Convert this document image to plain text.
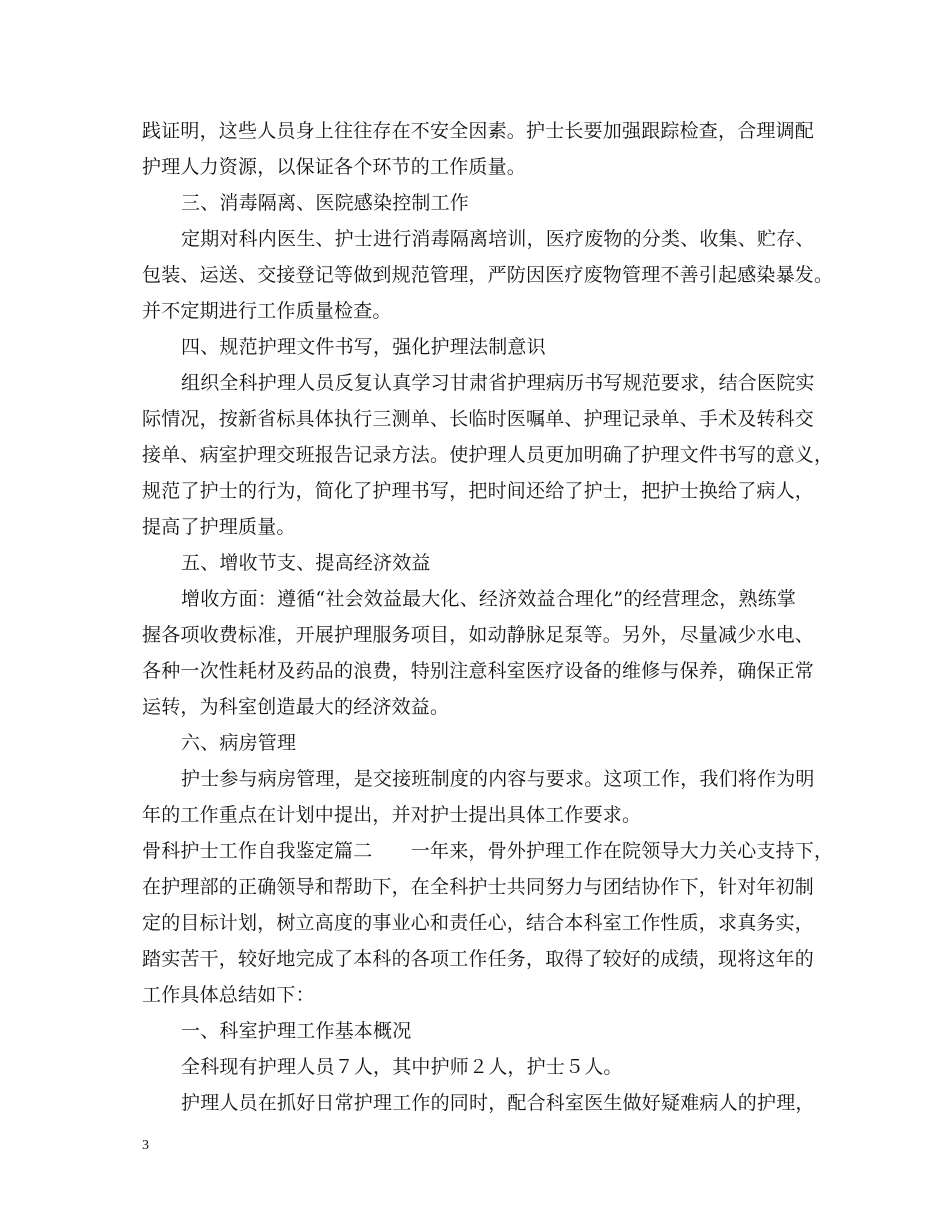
践证明，这些人员身上往往存在不安全因素。护士长要加强跟踪检查，合理调配
护理人力资源，以保证各个环节的工作质量。
三、消毒隔离、医院感染控制工作
定期对科内医生、护士进行消毒隔离培训，医疗废物的分类、收集、贮存、
包装、运送、交接登记等做到规范管理，严防因医疗废物管理不善引起感染暴发。
并不定期进行工作质量检查。
四、规范护理文件书写，强化护理法制意识
组织全科护理人员反复认真学习甘肃省护理病历书写规范要求，结合医院实
际情况，按新省标具体执行三测单、长临时医嘱单、护理记录单、手术及转科交
接单、病室护理交班报告记录方法。使护理人员更加明确了护理文件书写的意义，
规范了护士的行为，简化了护理书写，把时间还给了护士，把护士换给了病人，
提高了护理质量。
五、增收节支、提高经济效益
增收方面：遵循“社会效益最大化、经济效益合理化”的经营理念，熟练掌
握各项收费标准，开展护理服务项目，如动静脉足泵等。另外，尽量减少水电、
各种一次性耗材及药品的浪费，特别注意科室医疗设备的维修与保养，确保正常
运转，为科室创造最大的经济效益。
六、病房管理
护士参与病房管理，是交接班制度的内容与要求。这项工作，我们将作为明
年的工作重点在计划中提出，并对护士提出具体工作要求。
骨科护士工作自我鉴定篇二　　一年来，骨外护理工作在院领导大力关心支持下，
在护理部的正确领导和帮助下，在全科护士共同努力与团结协作下，针对年初制
定的目标计划，树立高度的事业心和责任心，结合本科室工作性质，求真务实，
踏实苦干，较好地完成了本科的各项工作任务，取得了较好的成绩，现将这年的
工作具体总结如下：
一、科室护理工作基本概况
全科现有护理人员７人，其中护师２人，护士５人。
护理人员在抓好日常护理工作的同时，配合科室医生做好疑难病人的护理，
3
